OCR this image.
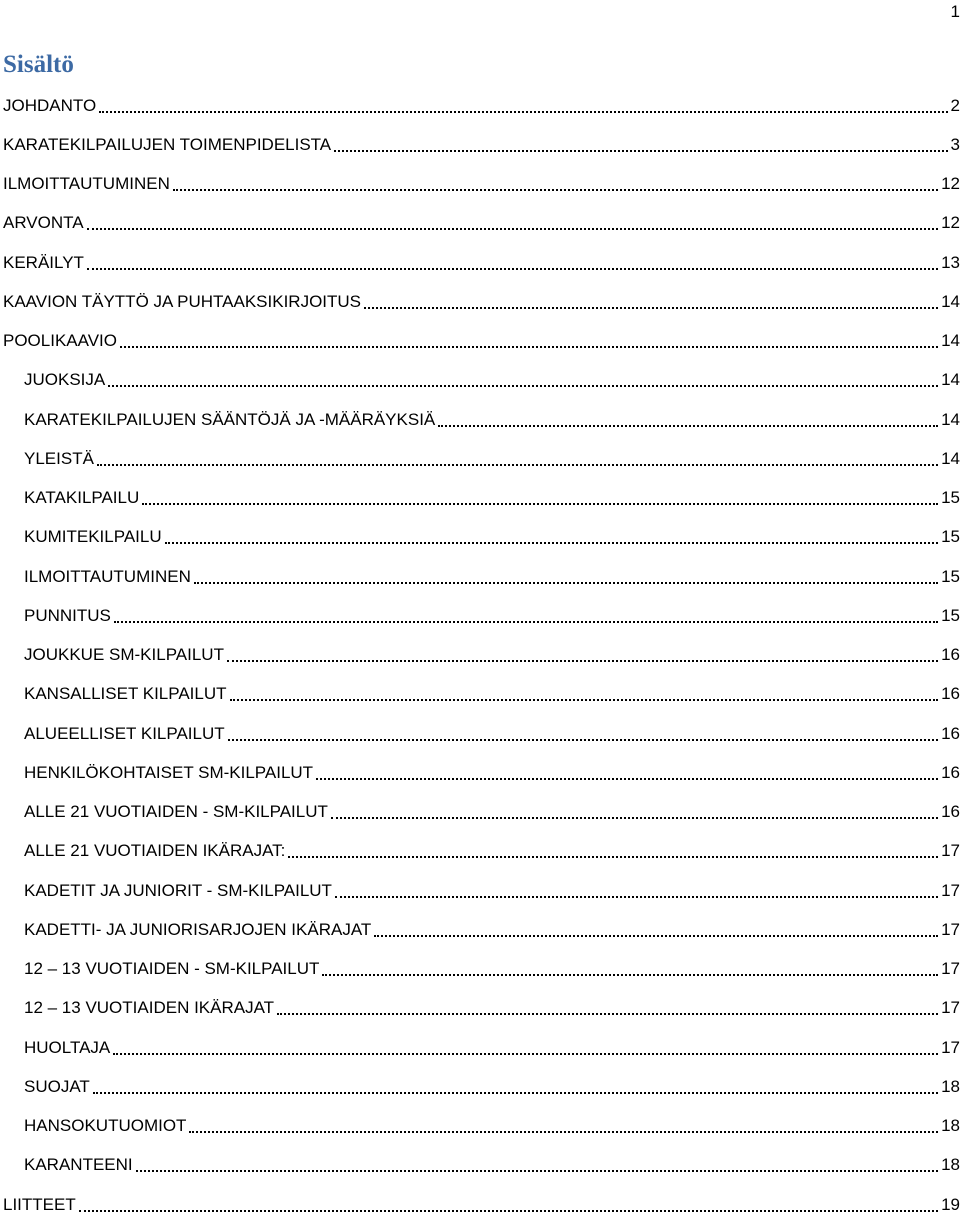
1
Sisältö
JOHDANTO	2
KARATEKILPAILUJEN TOIMENPIDELISTA	3
ILMOITTAUTUMINEN	12
ARVONTA	12
KERÄILYT	13
KAAVION TÄYTTÖ JA PUHTAAKSIKIRJOITUS	14
POOLIKAAVIO	14
JUOKSIJA	14
KARATEKILPAILUJEN SÄÄNTÖJÄ JA -MÄÄRÄYKSIÄ	14
YLEISTÄ	14
KATAKILPAILU	15
KUMITEKILPAILU	15
ILMOITTAUTUMINEN	15
PUNNITUS	15
JOUKKUE SM-KILPAILUT	16
KANSALLISET KILPAILUT	16
ALUEELLISET KILPAILUT	16
HENKILÖKOHTAISET SM-KILPAILUT	16
ALLE 21 VUOTIAIDEN - SM-KILPAILUT	16
ALLE 21 VUOTIAIDEN IKÄRAJAT:	17
KADETIT JA JUNIORIT - SM-KILPAILUT	17
KADETTI- JA JUNIORISARJOJEN IKÄRAJAT	17
12 – 13 VUOTIAIDEN - SM-KILPAILUT	17
12 – 13 VUOTIAIDEN IKÄRAJAT	17
HUOLTAJA	17
SUOJAT	18
HANSOKUTUOMIOT	18
KARANTEENI	18
LIITTEET	19
